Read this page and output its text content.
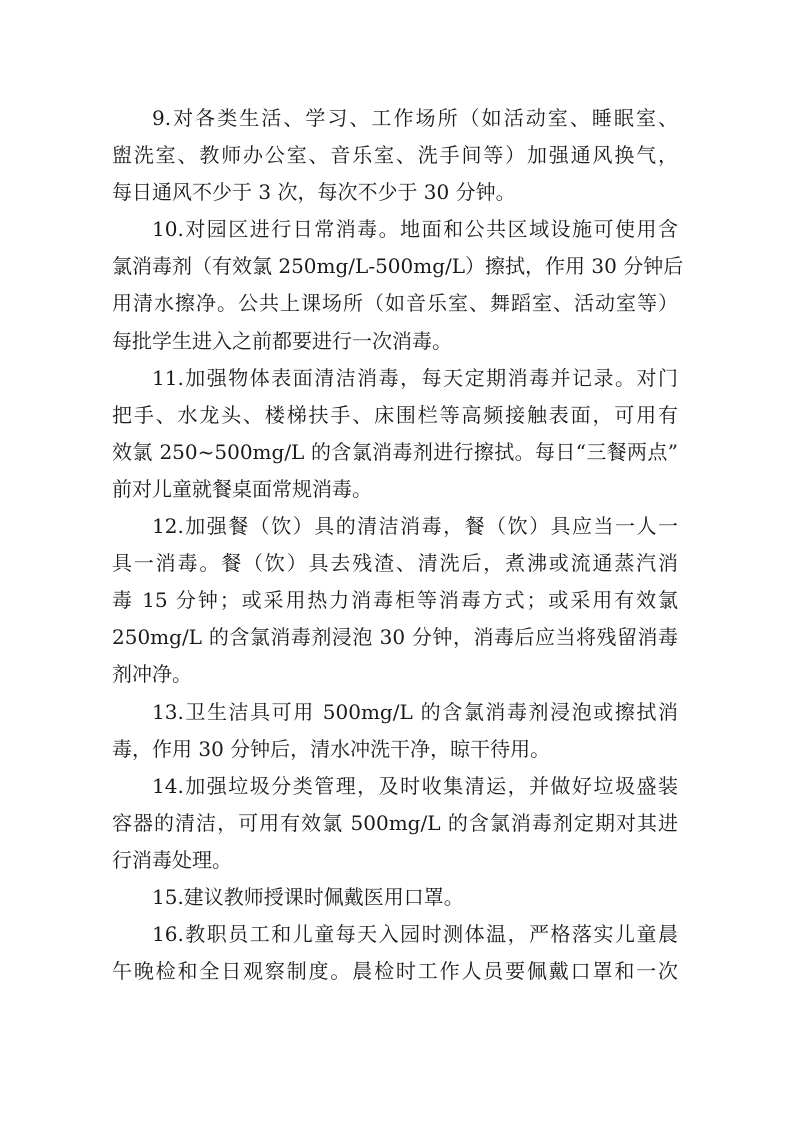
9.对各类生活、学习、工作场所（如活动室、睡眠室、
盥洗室、教师办公室、音乐室、洗手间等）加强通风换气，
每日通风不少于 3 次，每次不少于 30 分钟。
10.对园区进行日常消毒。地面和公共区域设施可使用含
氯消毒剂（有效氯 250mg/L-500mg/L）擦拭，作用 30 分钟后
用清水擦净。公共上课场所（如音乐室、舞蹈室、活动室等）
每批学生进入之前都要进行一次消毒。
11.加强物体表面清洁消毒，每天定期消毒并记录。对门
把手、水龙头、楼梯扶手、床围栏等高频接触表面，可用有
效氯 250~500mg/L 的含氯消毒剂进行擦拭。每日“三餐两点”
前对儿童就餐桌面常规消毒。
12.加强餐（饮）具的清洁消毒，餐（饮）具应当一人一
具一消毒。餐（饮）具去残渣、清洗后，煮沸或流通蒸汽消
毒 15 分钟；或采用热力消毒柜等消毒方式；或采用有效氯
250mg/L 的含氯消毒剂浸泡 30 分钟，消毒后应当将残留消毒
剂冲净。
13.卫生洁具可用 500mg/L 的含氯消毒剂浸泡或擦拭消
毒，作用 30 分钟后，清水冲洗干净，晾干待用。
14.加强垃圾分类管理，及时收集清运，并做好垃圾盛装
容器的清洁，可用有效氯 500mg/L 的含氯消毒剂定期对其进
行消毒处理。
15.建议教师授课时佩戴医用口罩。
16.教职员工和儿童每天入园时测体温，严格落实儿童晨
午晚检和全日观察制度。晨检时工作人员要佩戴口罩和一次
